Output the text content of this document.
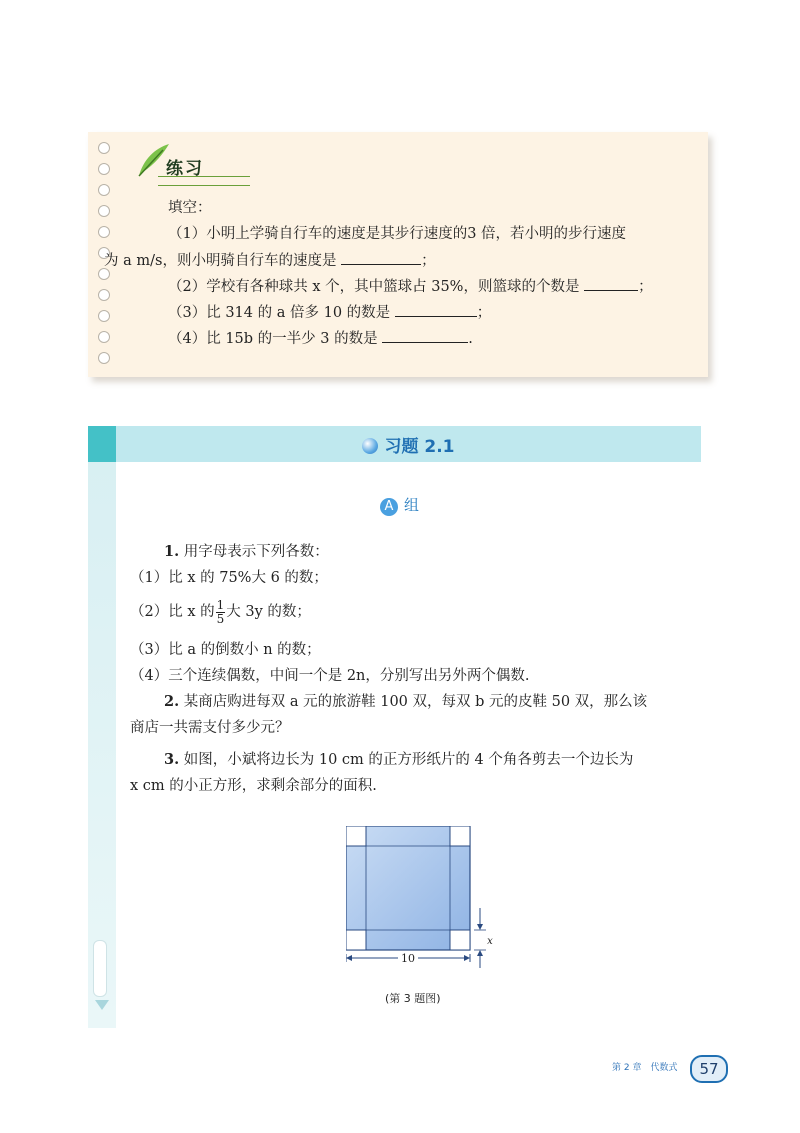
练习
填空：
（1）小明上学骑自行车的速度是其步行速度的3 倍，若小明的步行速度
为 a m/s，则小明骑自行车的速度是	；
（2）学校有各种球共 x 个，其中篮球占 35%，则篮球的个数是	；
（3）比 314 的 a 倍多 10 的数是	；
（4）比 15b 的一半少 3 的数是	.
习题 2.1
A 组
1. 用字母表示下列各数：
（1）比 x 的 75%大 6 的数；
（2）比 x 的 $\frac{1}{5}$ 大 3y 的数；
（3）比 a 的倒数小 n 的数；
（4）三个连续偶数，中间一个是 2n，分别写出另外两个偶数.
2. 某商店购进每双 a 元的旅游鞋 100 双，每双 b 元的皮鞋 50 双，那么该
商店一共需支付多少元？
3. 如图，小斌将边长为 10 cm 的正方形纸片的 4 个角各剪去一个边长为
x cm 的小正方形，求剩余部分的面积.
10
x
(第 3 题图)
第 2 章　代数式	57
